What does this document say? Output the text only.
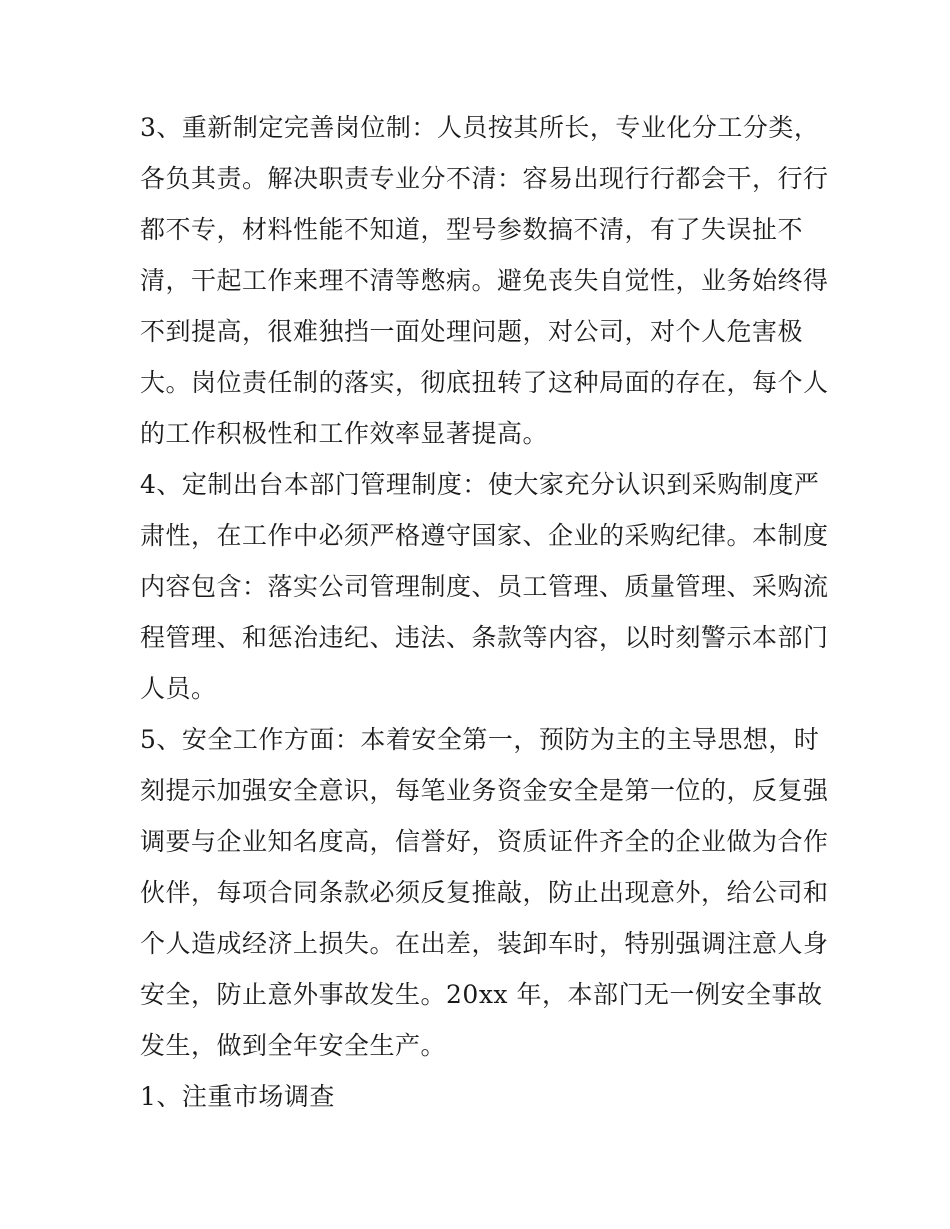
3、重新制定完善岗位制：人员按其所长，专业化分工分类，
各负其责。解决职责专业分不清：容易出现行行都会干，行行
都不专，材料性能不知道，型号参数搞不清，有了失误扯不
清，干起工作来理不清等憋病。避免丧失自觉性，业务始终得
不到提高，很难独挡一面处理问题，对公司，对个人危害极
大。岗位责任制的落实，彻底扭转了这种局面的存在，每个人
的工作积极性和工作效率显著提高。
4、定制出台本部门管理制度：使大家充分认识到采购制度严
肃性，在工作中必须严格遵守国家、企业的采购纪律。本制度
内容包含：落实公司管理制度、员工管理、质量管理、采购流
程管理、和惩治违纪、违法、条款等内容，以时刻警示本部门
人员。
5、安全工作方面：本着安全第一，预防为主的主导思想，时
刻提示加强安全意识，每笔业务资金安全是第一位的，反复强
调要与企业知名度高，信誉好，资质证件齐全的企业做为合作
伙伴，每项合同条款必须反复推敲，防止出现意外，给公司和
个人造成经济上损失。在出差，装卸车时，特别强调注意人身
安全，防止意外事故发生。20xx 年，本部门无一例安全事故
发生，做到全年安全生产。
1、注重市场调查
